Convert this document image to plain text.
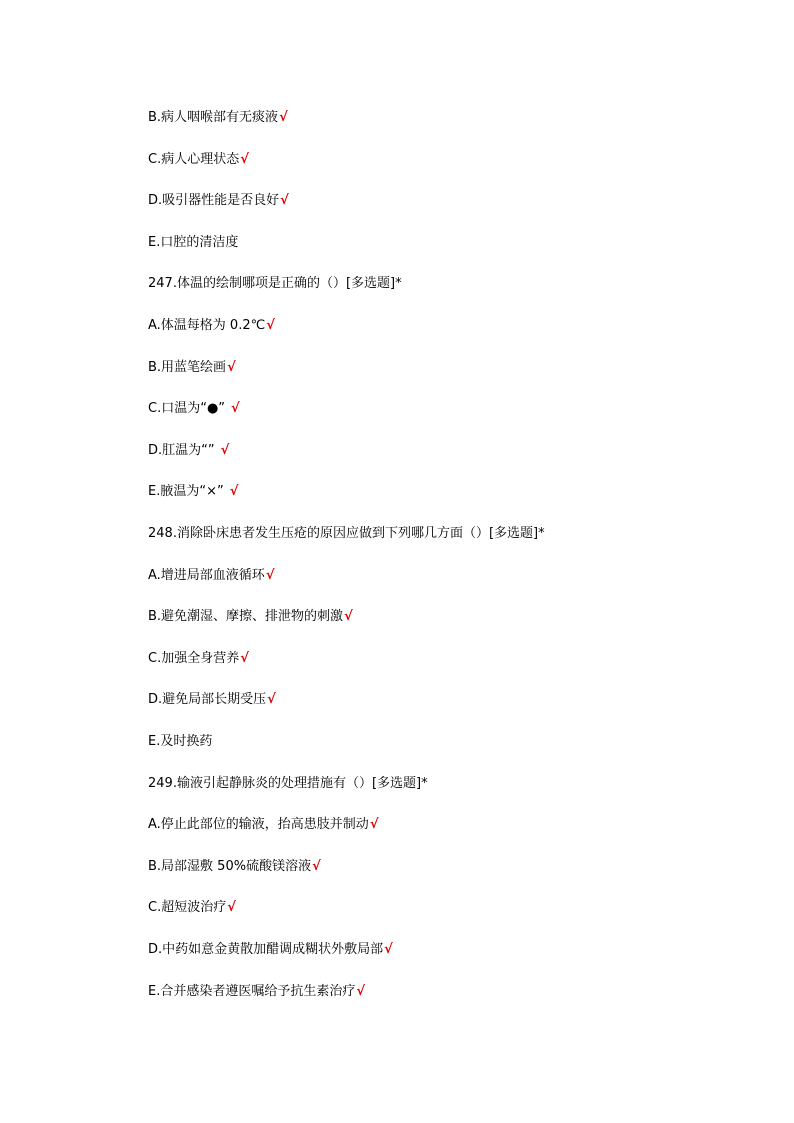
B.病人咽喉部有无痰液√
C.病人心理状态√
D.吸引器性能是否良好√
E.口腔的清洁度
247.体温的绘制哪项是正确的（）[多选题]*
A.体温每格为 0.2℃√
B.用蓝笔绘画√
C.口温为“●” √
D.肛温为“” √
E.腋温为“×” √
248.消除卧床患者发生压疮的原因应做到下列哪几方面（）[多选题]*
A.增进局部血液循环√
B.避免潮湿、摩擦、排泄物的刺激√
C.加强全身营养√
D.避免局部长期受压√
E.及时换药
249.输液引起静脉炎的处理措施有（）[多选题]*
A.停止此部位的输液，抬高患肢并制动√
B.局部湿敷 50%硫酸镁溶液√
C.超短波治疗√
D.中药如意金黄散加醋调成糊状外敷局部√
E.合并感染者遵医嘱给予抗生素治疗√
